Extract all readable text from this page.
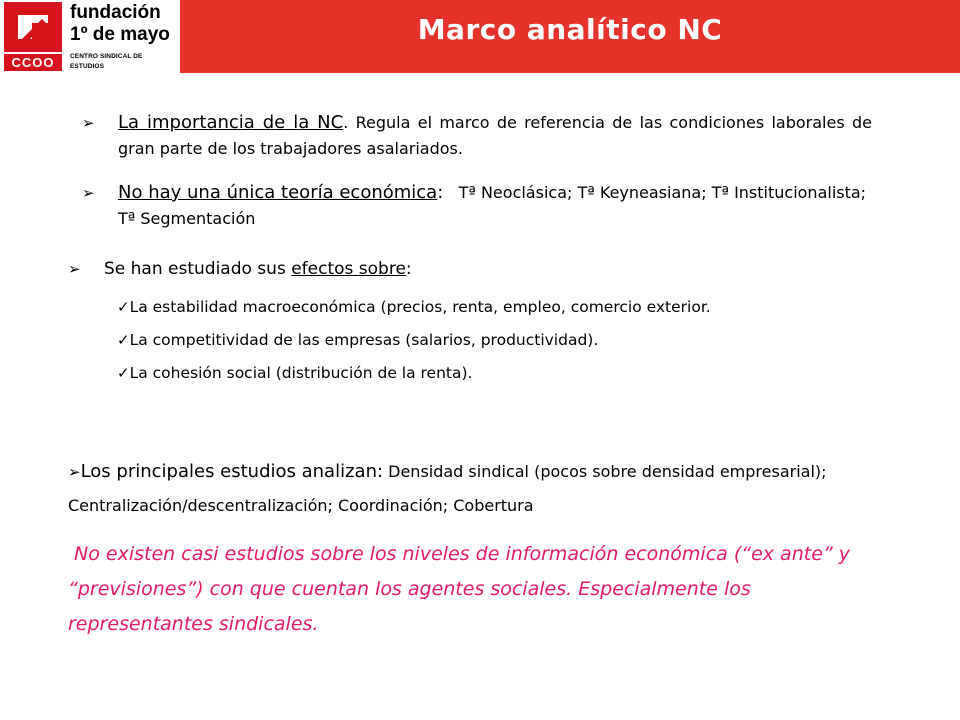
CCOO
fundación
1º de mayo
CENTRO SINDICAL DE ESTUDIOS
Marco analítico NC
➢ La importancia de la NC. Regula el marco de referencia de las condiciones laborales de gran parte de los trabajadores asalariados.
➢ No hay una única teoría económica: Tª Neoclásica; Tª Keyneasiana; Tª Institucionalista; Tª Segmentación
➢ Se han estudiado sus efectos sobre:
✓La estabilidad macroeconómica (precios, renta, empleo, comercio exterior.
✓La competitividad de las empresas (salarios, productividad).
✓La cohesión social (distribución de la renta).
➢Los principales estudios analizan: Densidad sindical (pocos sobre densidad empresarial); Centralización/descentralización; Coordinación; Cobertura
No existen casi estudios sobre los niveles de información económica (“ex ante” y “previsiones”) con que cuentan los agentes sociales. Especialmente los representantes sindicales.
